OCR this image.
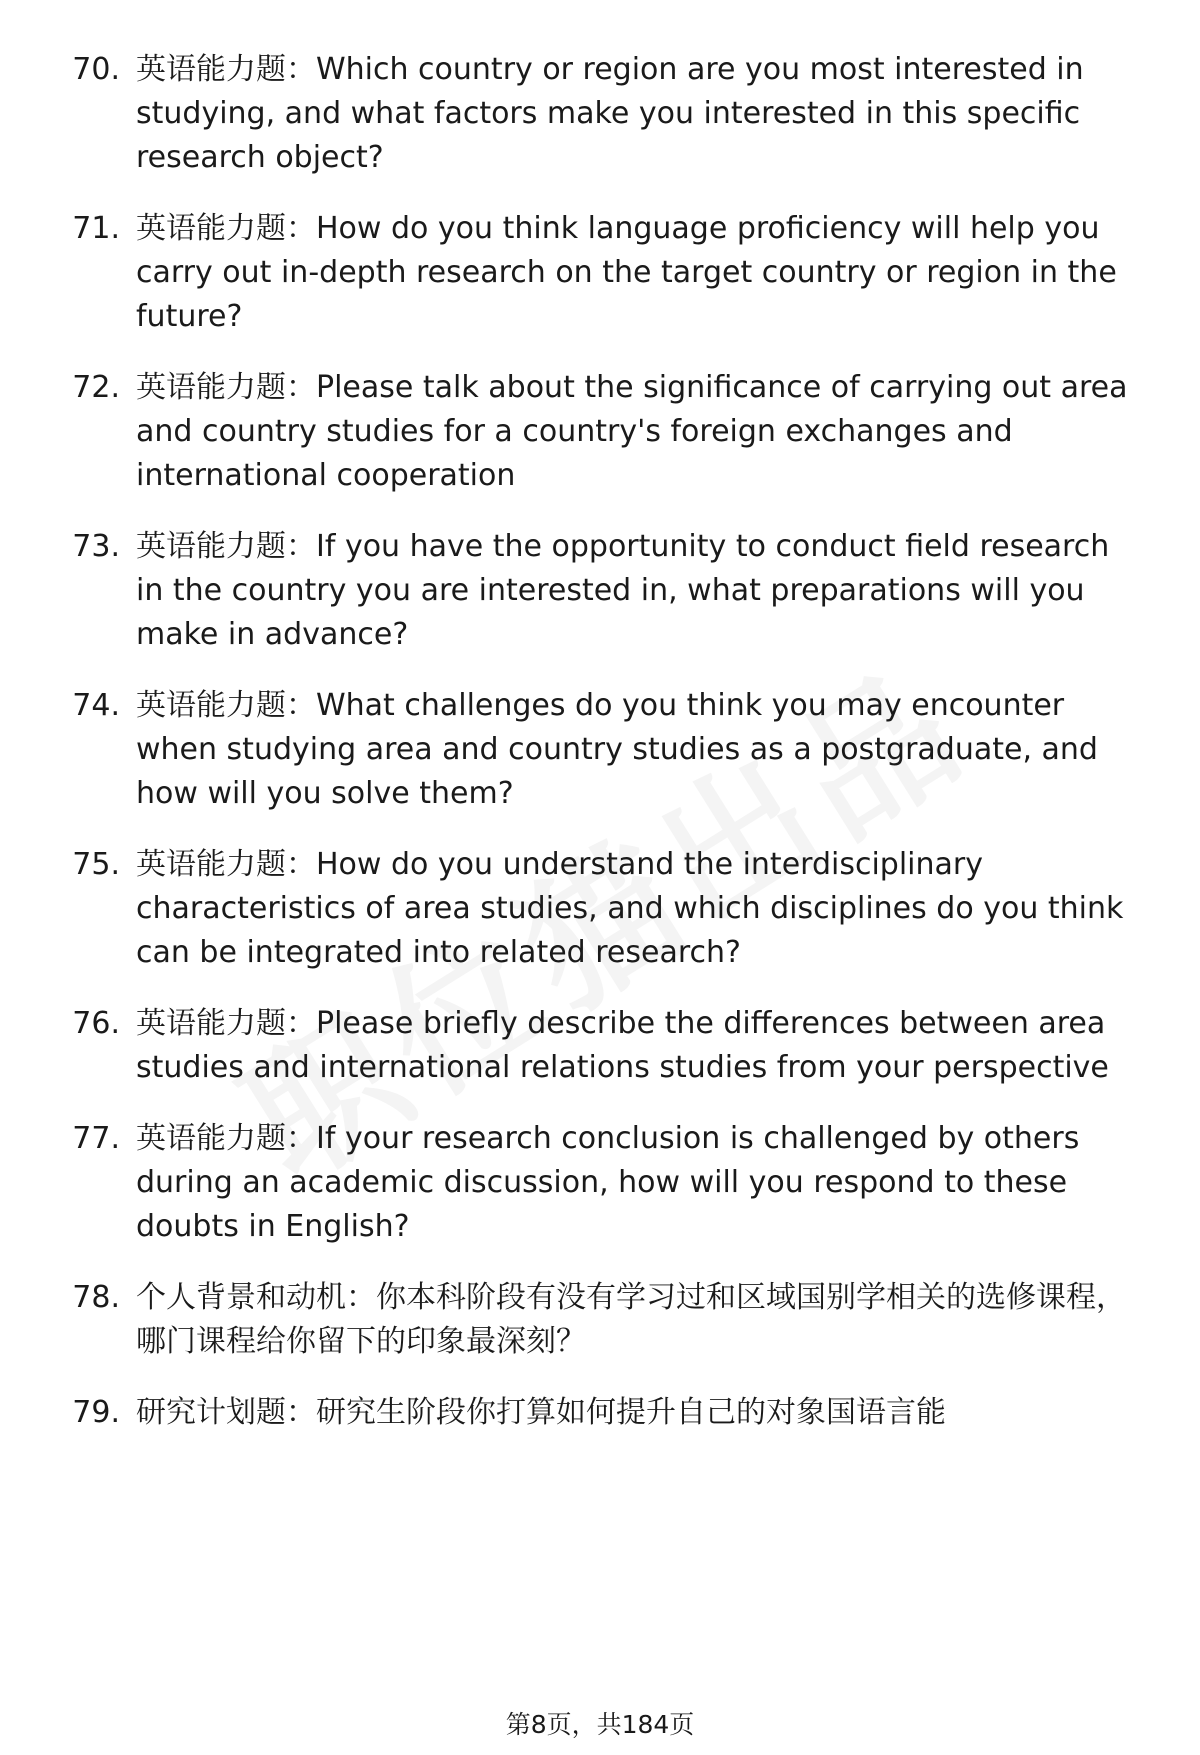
70. 英语能力题：Which country or region are you most interested in studying, and what factors make you interested in this specific research object?
71. 英语能力题：How do you think language proficiency will help you carry out in-depth research on the target country or region in the future?
72. 英语能力题：Please talk about the significance of carrying out area and country studies for a country's foreign exchanges and international cooperation
73. 英语能力题：If you have the opportunity to conduct field research in the country you are interested in, what preparations will you make in advance?
74. 英语能力题：What challenges do you think you may encounter when studying area and country studies as a postgraduate, and how will you solve them?
75. 英语能力题：How do you understand the interdisciplinary characteristics of area studies, and which disciplines do you think can be integrated into related research?
76. 英语能力题：Please briefly describe the differences between area studies and international relations studies from your perspective
77. 英语能力题：If your research conclusion is challenged by others during an academic discussion, how will you respond to these doubts in English?
78. 个人背景和动机：你本科阶段有没有学习过和区域国别学相关的选修课程，哪门课程给你留下的印象最深刻？
79. 研究计划题：研究生阶段你打算如何提升自己的对象国语言能
第8页，共184页
